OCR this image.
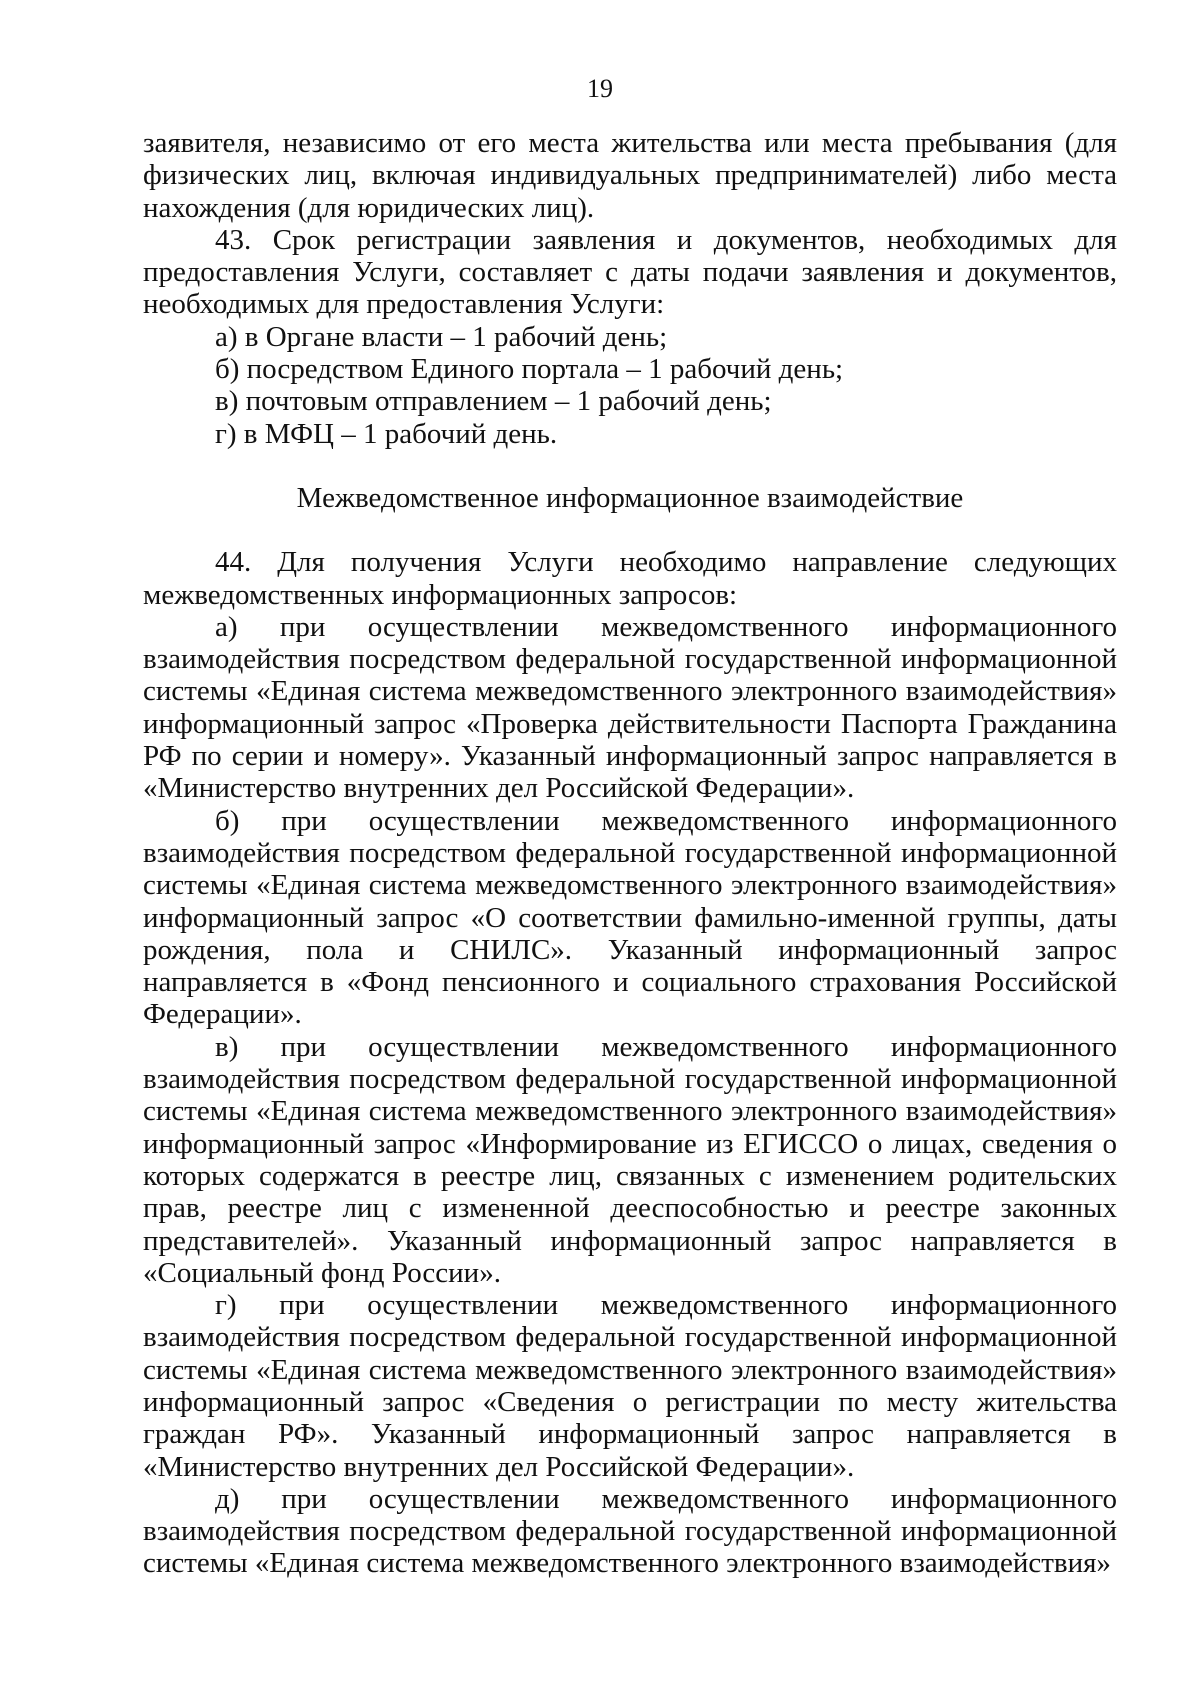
19

заявителя, независимо от его места жительства или места пребывания (для физических лиц, включая индивидуальных предпринимателей) либо места нахождения (для юридических лиц).

43. Срок регистрации заявления и документов, необходимых для предоставления Услуги, составляет с даты подачи заявления и документов, необходимых для предоставления Услуги:

а) в Органе власти – 1 рабочий день;

б) посредством Единого портала – 1 рабочий день;

в) почтовым отправлением – 1 рабочий день;

г) в МФЦ – 1 рабочий день.

Межведомственное информационное взаимодействие

44. Для получения Услуги необходимо направление следующих межведомственных информационных запросов:

а) при осуществлении межведомственного информационного взаимодействия посредством федеральной государственной информационной системы «Единая система межведомственного электронного взаимодействия» информационный запрос «Проверка действительности Паспорта Гражданина РФ по серии и номеру». Указанный информационный запрос направляется в «Министерство внутренних дел Российской Федерации».

б) при осуществлении межведомственного информационного взаимодействия посредством федеральной государственной информационной системы «Единая система межведомственного электронного взаимодействия» информационный запрос «О соответствии фамильно-именной группы, даты рождения, пола и СНИЛС». Указанный информационный запрос направляется в «Фонд пенсионного и социального страхования Российской Федерации».

в) при осуществлении межведомственного информационного взаимодействия посредством федеральной государственной информационной системы «Единая система межведомственного электронного взаимодействия» информационный запрос «Информирование из ЕГИССО о лицах, сведения о которых содержатся в реестре лиц, связанных с изменением родительских прав, реестре лиц с измененной дееспособностью и реестре законных представителей». Указанный информационный запрос направляется в «Социальный фонд России».

г) при осуществлении межведомственного информационного взаимодействия посредством федеральной государственной информационной системы «Единая система межведомственного электронного взаимодействия» информационный запрос «Сведения о регистрации по месту жительства граждан РФ». Указанный информационный запрос направляется в «Министерство внутренних дел Российской Федерации».

д) при осуществлении межведомственного информационного взаимодействия посредством федеральной государственной информационной системы «Единая система межведомственного электронного взаимодействия»
